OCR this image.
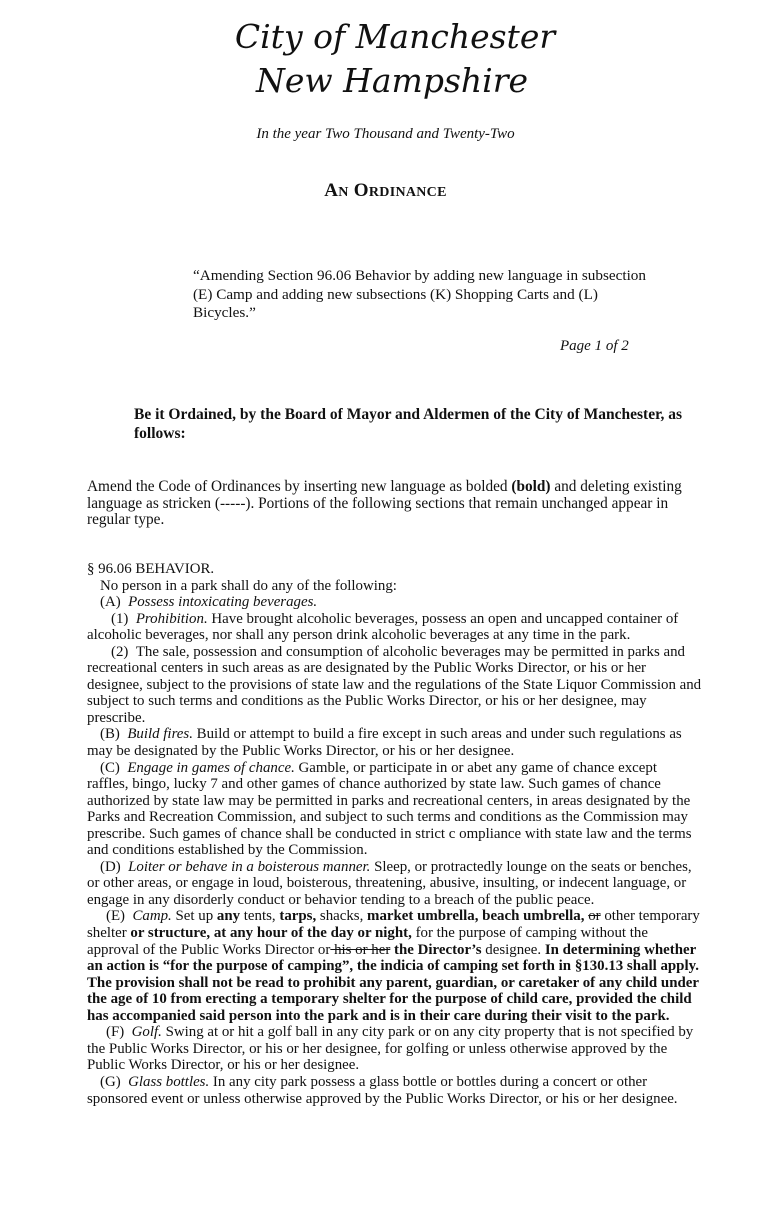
City of Manchester
New Hampshire
In the year Two Thousand and Twenty-Two
AN ORDINANCE
“Amending Section 96.06 Behavior by adding new language in subsection (E) Camp and adding new subsections (K) Shopping Carts and (L) Bicycles.”
Page 1 of 2
Be it Ordained, by the Board of Mayor and Aldermen of the City of Manchester, as follows:
Amend the Code of Ordinances by inserting new language as bolded (bold) and deleting existing language as stricken (-----). Portions of the following sections that remain unchanged appear in regular type.

§ 96.06 BEHAVIOR.

No person in a park shall do any of the following:

(A) Possess intoxicating beverages.

(1) Prohibition. Have brought alcoholic beverages, possess an open and uncapped container of alcoholic beverages, nor shall any person drink alcoholic beverages at any time in the park.

(2) The sale, possession and consumption of alcoholic beverages may be permitted in parks and recreational centers in such areas as are designated by the Public Works Director, or his or her designee, subject to the provisions of state law and the regulations of the State Liquor Commission and subject to such terms and conditions as the Public Works Director, or his or her designee, may prescribe.

(B) Build fires. Build or attempt to build a fire except in such areas and under such regulations as may be designated by the Public Works Director, or his or her designee.

(C) Engage in games of chance. Gamble, or participate in or abet any game of chance except raffles, bingo, lucky 7 and other games of chance authorized by state law. Such games of chance authorized by state law may be permitted in parks and recreational centers, in areas designated by the Parks and Recreation Commission, and subject to such terms and conditions as the Commission may prescribe. Such games of chance shall be conducted in strict c ompliance with state law and the terms and conditions established by the Commission.

(D) Loiter or behave in a boisterous manner. Sleep, or protractedly lounge on the seats or benches, or other areas, or engage in loud, boisterous, threatening, abusive, insulting, or indecent language, or engage in any disorderly conduct or behavior tending to a breach of the public peace.

(E) Camp. Set up any tents, tarps, shacks, market umbrella, beach umbrella, or other temporary shelter or structure, at any hour of the day or night, for the purpose of camping without the approval of the Public Works Director or his or her the Director’s designee. In determining whether an action is “for the purpose of camping”, the indicia of camping set forth in §130.13 shall apply. The provision shall not be read to prohibit any parent, guardian, or caretaker of any child under the age of 10 from erecting a temporary shelter for the purpose of child care, provided the child has accompanied said person into the park and is in their care during their visit to the park.

(F) Golf. Swing at or hit a golf ball in any city park or on any city property that is not specified by the Public Works Director, or his or her designee, for golfing or unless otherwise approved by the Public Works Director, or his or her designee.

(G) Glass bottles. In any city park possess a glass bottle or bottles during a concert or other sponsored event or unless otherwise approved by the Public Works Director, or his or her designee.
